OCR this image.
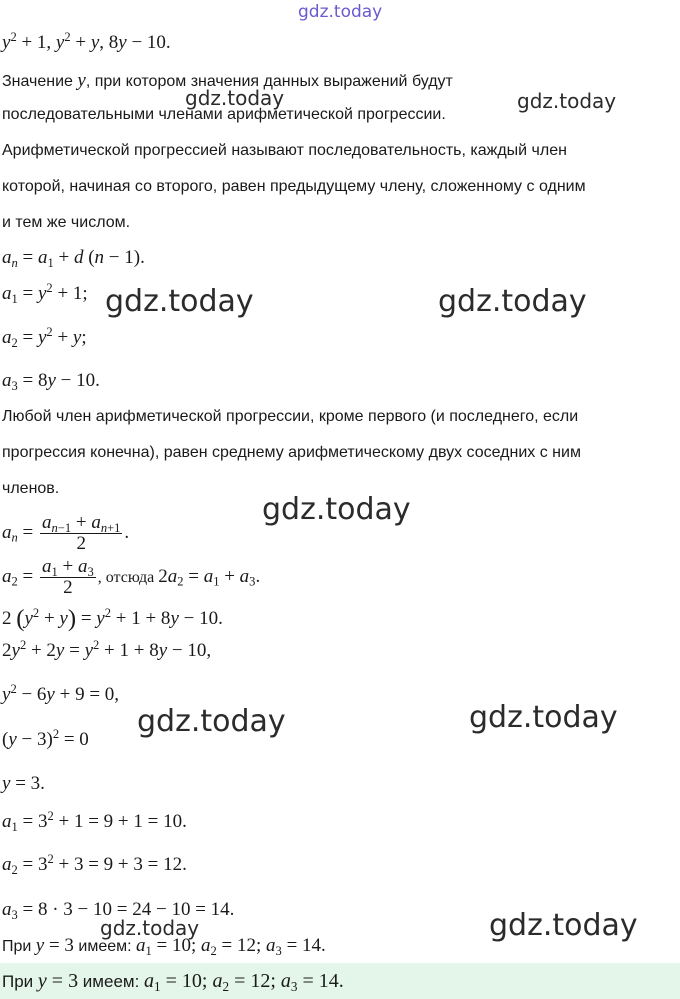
gdz.today
$y^2 + 1$, $y^2 + y$, 8y − 10.
Значение y, при котором значения данных выражений будут
последовательными членами арифметической прогрессии.
Арифметической прогрессией называют последовательность, каждый член
которой, начиная со второго, равен предыдущему члену, сложенному с одним
и тем же числом.
$a_n = a_1 + d$ (n − 1).
$a_1 = y^2 + 1$;
$a_2 = y^2 + y$;
$a_3 = 8y - 10$.
Любой член арифметической прогрессии, кроме первого (и последнего, если
прогрессия конечна), равен среднему арифметическому двух соседних с ним
членов.
$a_n = \frac{a_{n-1} + a_{n+1}}{2}$ .
$a_2 = \frac{a_1 + a_3}{2}$ , отсюда $2a_2 = a_1 + a_3$.
2 $(y^2 + y) = y^2 + 1 + 8y - 10$.
$2y^2 + 2y = y^2 + 1 + 8y - 10$,
$y^2 - 6y + 9 = 0$,
$(y - 3)^2 = 0$
y = 3.
$a_1 = 3^2 + 1 = 9 + 1 = 10$.
$a_2 = 3^2 + 3 = 9 + 3 = 12$.
$a_3 = 8 \cdot 3 - 10 = 24 - 10 = 14$.
При y = 3 имеем: $a_1 = 10$; $a_2 = 12$; $a_3 = 14$.
При y = 3 имеем: $a_1 = 10$; $a_2 = 12$; $a_3 = 14$.
gdz.today	gdz.today
gdz.today	gdz.today
gdz.today
gdz.today	gdz.today
gdz.today	gdz.today
